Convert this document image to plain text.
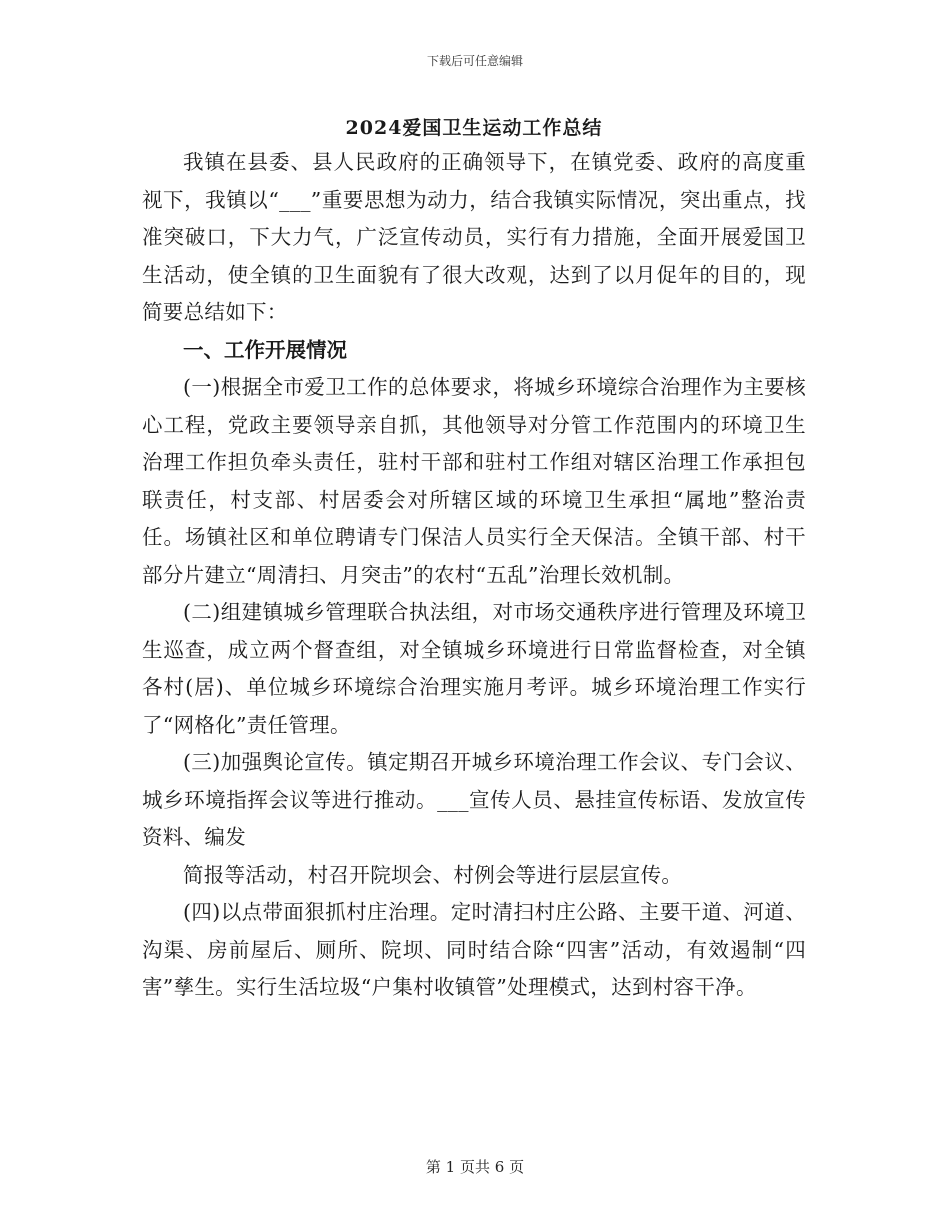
下载后可任意编辑
2024爱国卫生运动工作总结

我镇在县委、县人民政府的正确领导下，在镇党委、政府的高度重视下，我镇以“___”重要思想为动力，结合我镇实际情况，突出重点，找准突破口，下大力气，广泛宣传动员，实行有力措施，全面开展爱国卫生活动，使全镇的卫生面貌有了很大改观，达到了以月促年的目的，现简要总结如下：

一、工作开展情况

(一)根据全市爱卫工作的总体要求，将城乡环境综合治理作为主要核心工程，党政主要领导亲自抓，其他领导对分管工作范围内的环境卫生治理工作担负牵头责任，驻村干部和驻村工作组对辖区治理工作承担包联责任，村支部、村居委会对所辖区域的环境卫生承担“属地”整治责任。场镇社区和单位聘请专门保洁人员实行全天保洁。全镇干部、村干部分片建立“周清扫、月突击”的农村“五乱”治理长效机制。

(二)组建镇城乡管理联合执法组，对市场交通秩序进行管理及环境卫生巡查，成立两个督查组，对全镇城乡环境进行日常监督检查，对全镇各村(居)、单位城乡环境综合治理实施月考评。城乡环境治理工作实行了“网格化”责任管理。

(三)加强舆论宣传。镇定期召开城乡环境治理工作会议、专门会议、城乡环境指挥会议等进行推动。___宣传人员、悬挂宣传标语、发放宣传资料、编发

简报等活动，村召开院坝会、村例会等进行层层宣传。

(四)以点带面狠抓村庄治理。定时清扫村庄公路、主要干道、河道、沟渠、房前屋后、厕所、院坝、同时结合除“四害”活动，有效遏制“四害”孳生。实行生活垃圾“户集村收镇管”处理模式，达到村容干净。

第 1 页共 6 页
